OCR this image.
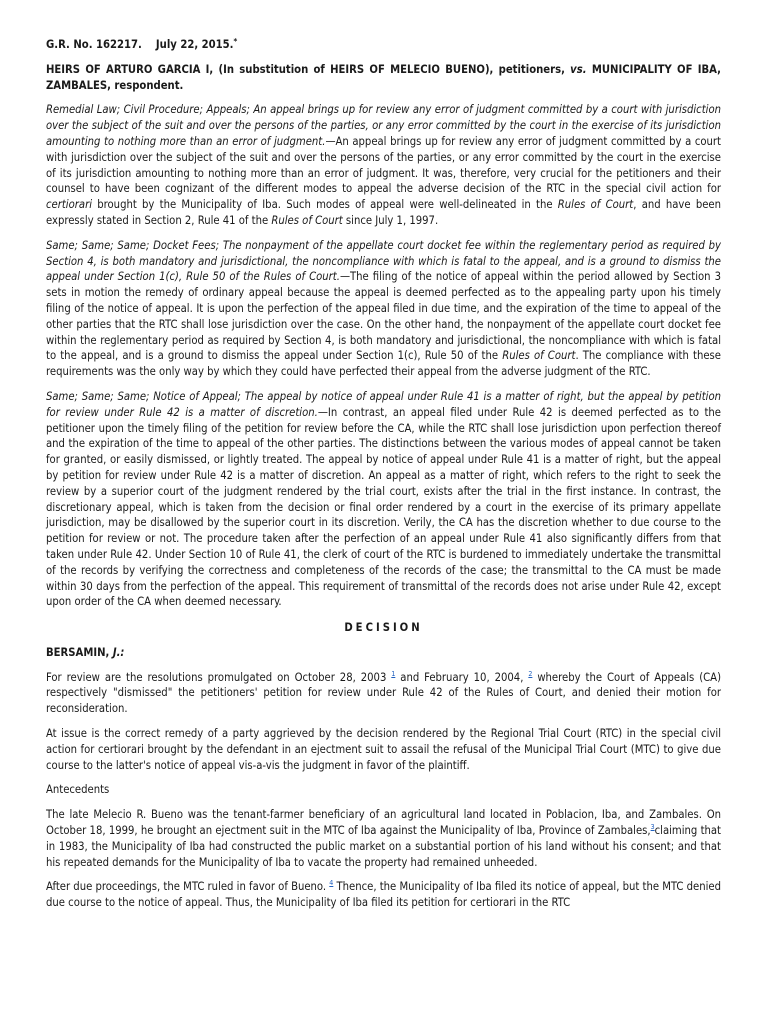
G.R. No. 162217. July 22, 2015.*

HEIRS OF ARTURO GARCIA I, (In substitution of HEIRS OF MELECIO BUENO), petitioners, vs. MUNICIPALITY OF IBA, ZAMBALES, respondent.

Remedial Law; Civil Procedure; Appeals; An appeal brings up for review any error of judgment committed by a court with jurisdiction over the subject of the suit and over the persons of the parties, or any error committed by the court in the exercise of its jurisdiction amounting to nothing more than an error of judgment.—An appeal brings up for review any error of judgment committed by a court with jurisdiction over the subject of the suit and over the persons of the parties, or any error committed by the court in the exercise of its jurisdiction amounting to nothing more than an error of judgment. It was, therefore, very crucial for the petitioners and their counsel to have been cognizant of the different modes to appeal the adverse decision of the RTC in the special civil action for certiorari brought by the Municipality of Iba. Such modes of appeal were well-delineated in the Rules of Court, and have been expressly stated in Section 2, Rule 41 of the Rules of Court since July 1, 1997.

Same; Same; Same; Docket Fees; The nonpayment of the appellate court docket fee within the reglementary period as required by Section 4, is both mandatory and jurisdictional, the noncompliance with which is fatal to the appeal, and is a ground to dismiss the appeal under Section 1(c), Rule 50 of the Rules of Court.—The filing of the notice of appeal within the period allowed by Section 3 sets in motion the remedy of ordinary appeal because the appeal is deemed perfected as to the appealing party upon his timely filing of the notice of appeal. It is upon the perfection of the appeal filed in due time, and the expiration of the time to appeal of the other parties that the RTC shall lose jurisdiction over the case. On the other hand, the nonpayment of the appellate court docket fee within the reglementary period as required by Section 4, is both mandatory and jurisdictional, the noncompliance with which is fatal to the appeal, and is a ground to dismiss the appeal under Section 1(c), Rule 50 of the Rules of Court. The compliance with these requirements was the only way by which they could have perfected their appeal from the adverse judgment of the RTC.

Same; Same; Same; Notice of Appeal; The appeal by notice of appeal under Rule 41 is a matter of right, but the appeal by petition for review under Rule 42 is a matter of discretion.—In contrast, an appeal filed under Rule 42 is deemed perfected as to the petitioner upon the timely filing of the petition for review before the CA, while the RTC shall lose jurisdiction upon perfection thereof and the expiration of the time to appeal of the other parties. The distinctions between the various modes of appeal cannot be taken for granted, or easily dismissed, or lightly treated. The appeal by notice of appeal under Rule 41 is a matter of right, but the appeal by petition for review under Rule 42 is a matter of discretion. An appeal as a matter of right, which refers to the right to seek the review by a superior court of the judgment rendered by the trial court, exists after the trial in the first instance. In contrast, the discretionary appeal, which is taken from the decision or final order rendered by a court in the exercise of its primary appellate jurisdiction, may be disallowed by the superior court in its discretion. Verily, the CA has the discretion whether to due course to the petition for review or not. The procedure taken after the perfection of an appeal under Rule 41 also significantly differs from that taken under Rule 42. Under Section 10 of Rule 41, the clerk of court of the RTC is burdened to immediately undertake the transmittal of the records by verifying the correctness and completeness of the records of the case; the transmittal to the CA must be made within 30 days from the perfection of the appeal. This requirement of transmittal of the records does not arise under Rule 42, except upon order of the CA when deemed necessary.

DECISION

BERSAMIN, J.:

For review are the resolutions promulgated on October 28, 2003 $^1$ and February 10, 2004, $^2$ whereby the Court of Appeals (CA) respectively "dismissed" the petitioners' petition for review under Rule 42 of the Rules of Court, and denied their motion for reconsideration.

At issue is the correct remedy of a party aggrieved by the decision rendered by the Regional Trial Court (RTC) in the special civil action for certiorari brought by the defendant in an ejectment suit to assail the refusal of the Municipal Trial Court (MTC) to give due course to the latter's notice of appeal vis-a-vis the judgment in favor of the plaintiff.

Antecedents

The late Melecio R. Bueno was the tenant-farmer beneficiary of an agricultural land located in Poblacion, Iba, and Zambales. On October 18, 1999, he brought an ejectment suit in the MTC of Iba against the Municipality of Iba, Province of Zambales,$^3$claiming that in 1983, the Municipality of Iba had constructed the public market on a substantial portion of his land without his consent; and that his repeated demands for the Municipality of Iba to vacate the property had remained unheeded.

After due proceedings, the MTC ruled in favor of Bueno. $^4$ Thence, the Municipality of Iba filed its notice of appeal, but the MTC denied due course to the notice of appeal. Thus, the Municipality of Iba filed its petition for certiorari in the RTC
